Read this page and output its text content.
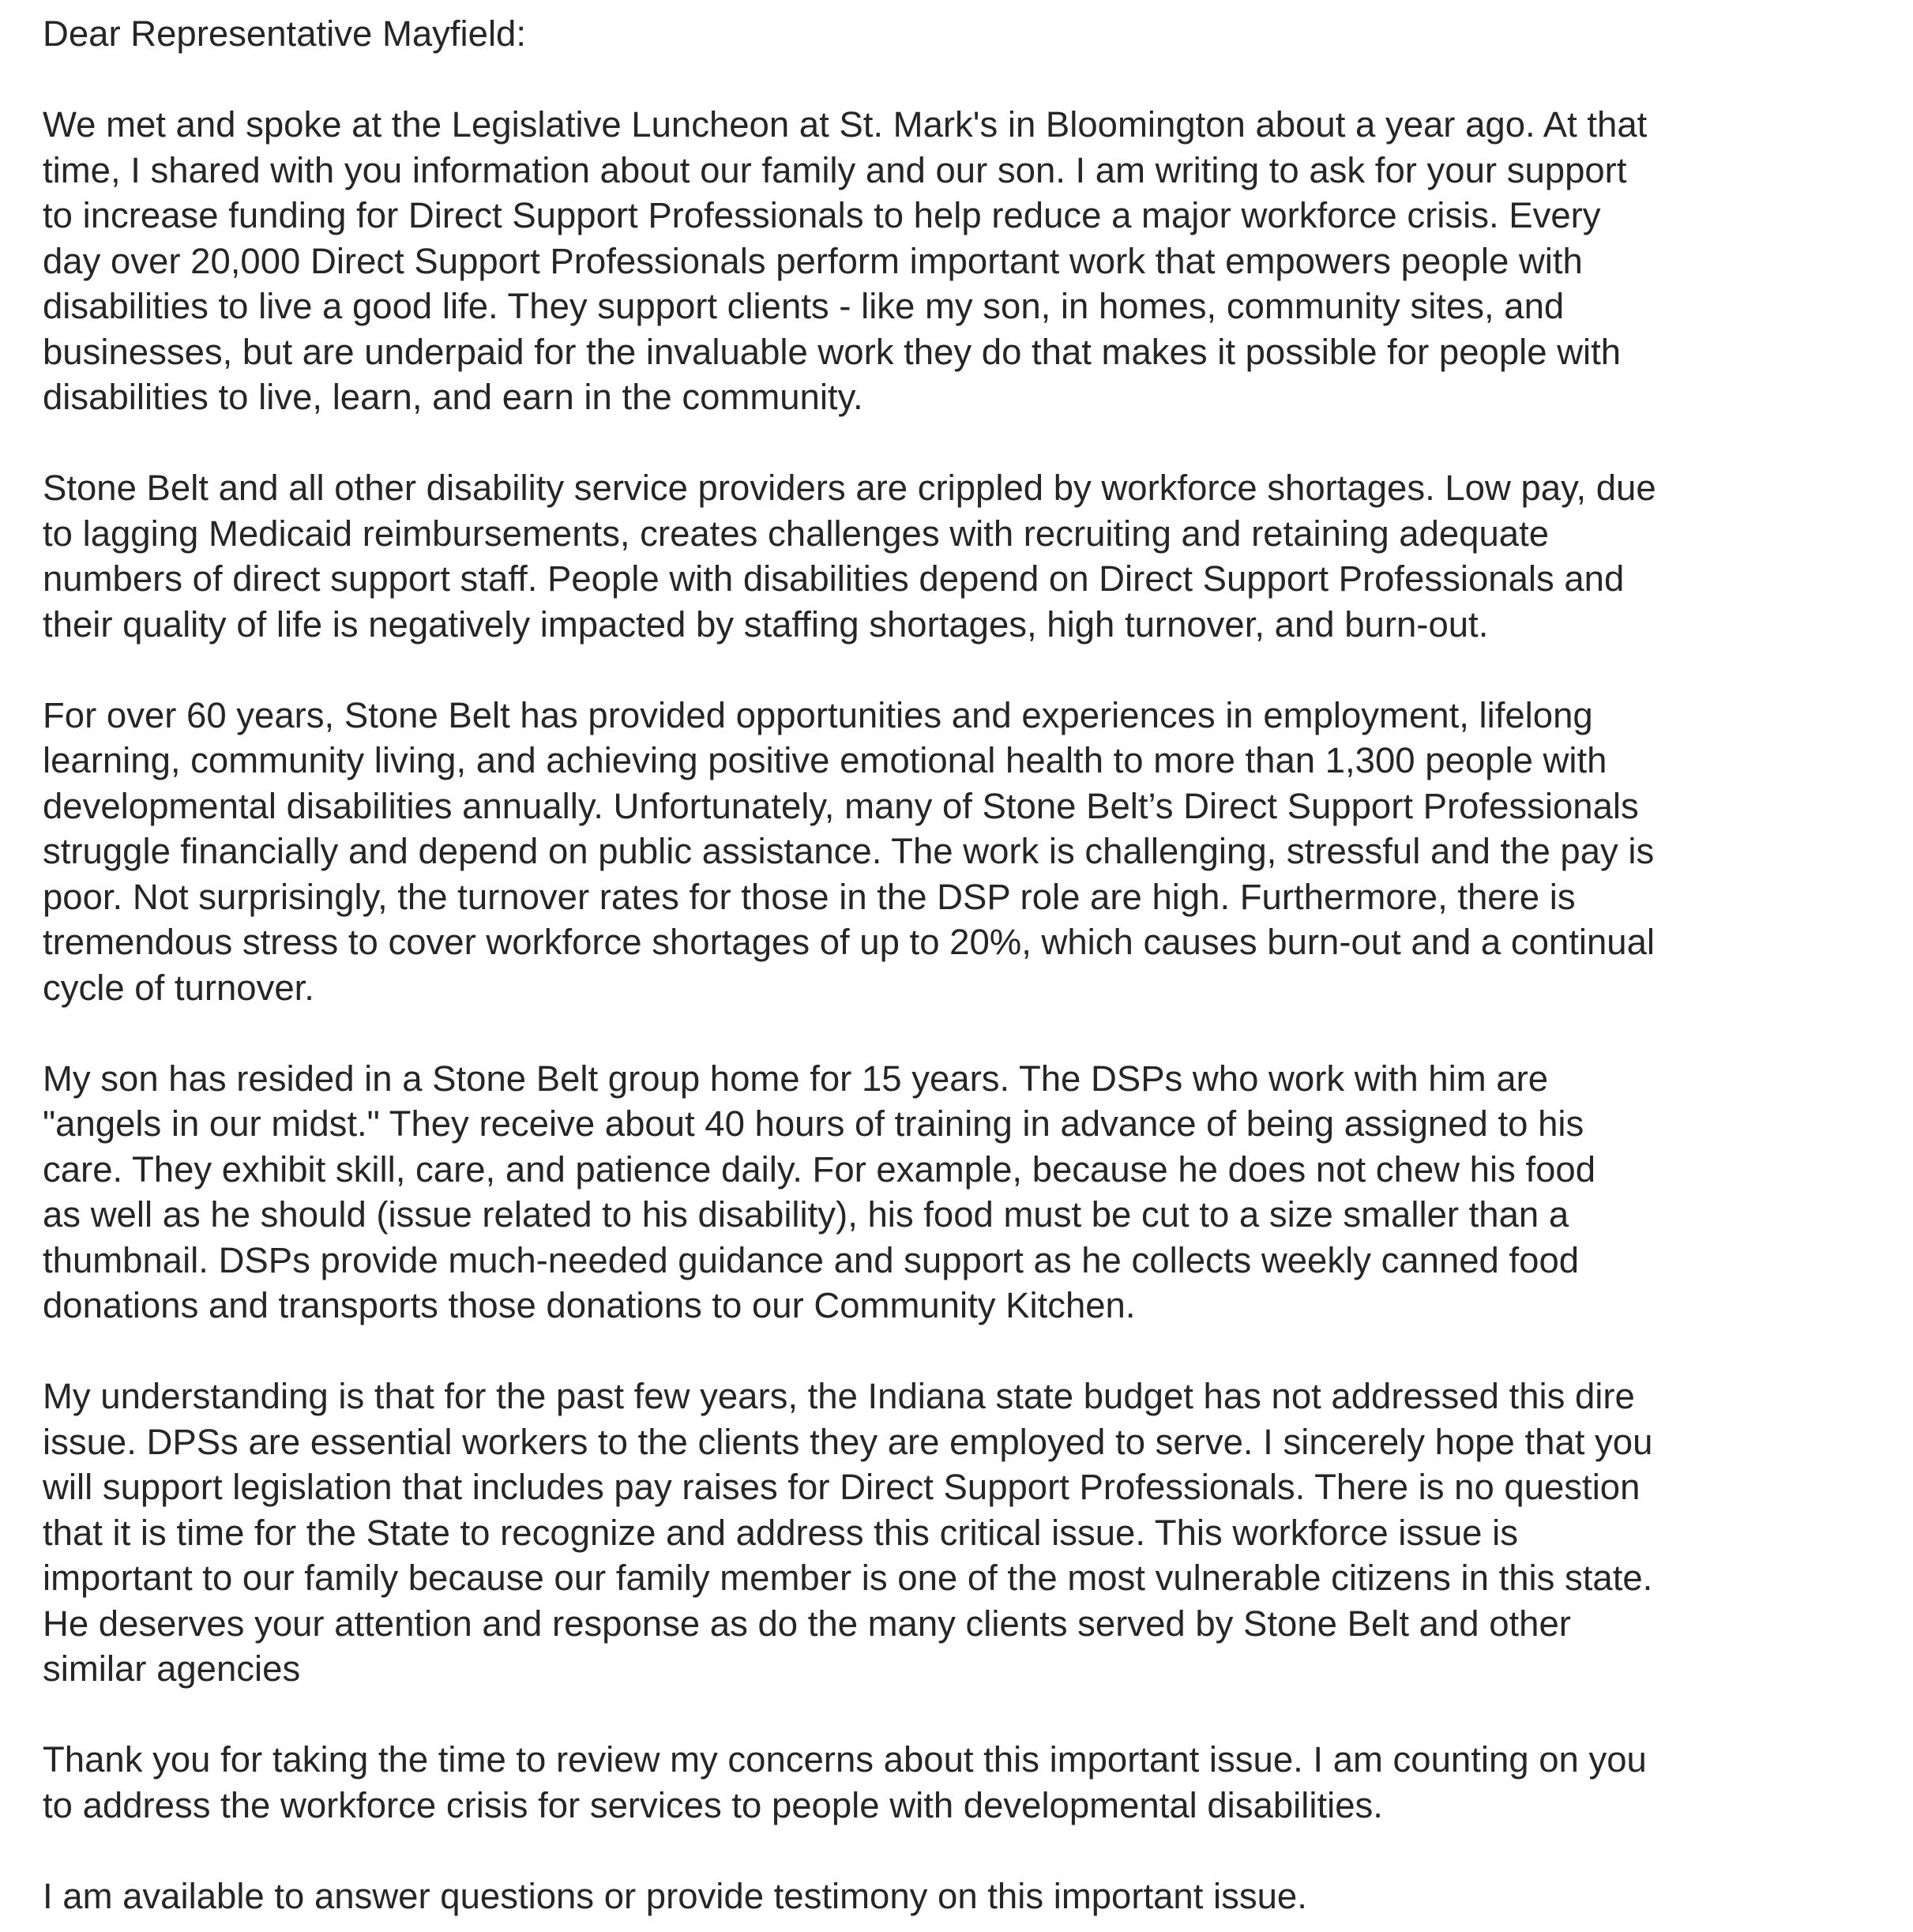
Dear Representative Mayfield:

We met and spoke at the Legislative Luncheon at St. Mark's in Bloomington about a year ago. At that
time, I shared with you information about our family and our son. I am writing to ask for your support
to increase funding for Direct Support Professionals to help reduce a major workforce crisis. Every
day over 20,000 Direct Support Professionals perform important work that empowers people with
disabilities to live a good life. They support clients - like my son, in homes, community sites, and
businesses, but are underpaid for the invaluable work they do that makes it possible for people with
disabilities to live, learn, and earn in the community.

Stone Belt and all other disability service providers are crippled by workforce shortages. Low pay, due
to lagging Medicaid reimbursements, creates challenges with recruiting and retaining adequate
numbers of direct support staff. People with disabilities depend on Direct Support Professionals and
their quality of life is negatively impacted by staffing shortages, high turnover, and burn-out.

For over 60 years, Stone Belt has provided opportunities and experiences in employment, lifelong
learning, community living, and achieving positive emotional health to more than 1,300 people with
developmental disabilities annually. Unfortunately, many of Stone Belt’s Direct Support Professionals
struggle financially and depend on public assistance. The work is challenging, stressful and the pay is
poor. Not surprisingly, the turnover rates for those in the DSP role are high. Furthermore, there is
tremendous stress to cover workforce shortages of up to 20%, which causes burn-out and a continual
cycle of turnover.

My son has resided in a Stone Belt group home for 15 years. The DSPs who work with him are
"angels in our midst." They receive about 40 hours of training in advance of being assigned to his
care. They exhibit skill, care, and patience daily. For example, because he does not chew his food
as well as he should (issue related to his disability), his food must be cut to a size smaller than a
thumbnail. DSPs provide much-needed guidance and support as he collects weekly canned food
donations and transports those donations to our Community Kitchen.

My understanding is that for the past few years, the Indiana state budget has not addressed this dire
issue. DPSs are essential workers to the clients they are employed to serve. I sincerely hope that you
will support legislation that includes pay raises for Direct Support Professionals. There is no question
that it is time for the State to recognize and address this critical issue. This workforce issue is
important to our family because our family member is one of the most vulnerable citizens in this state.
He deserves your attention and response as do the many clients served by Stone Belt and other
similar agencies

Thank you for taking the time to review my concerns about this important issue. I am counting on you
to address the workforce crisis for services to people with developmental disabilities.

I am available to answer questions or provide testimony on this important issue.
